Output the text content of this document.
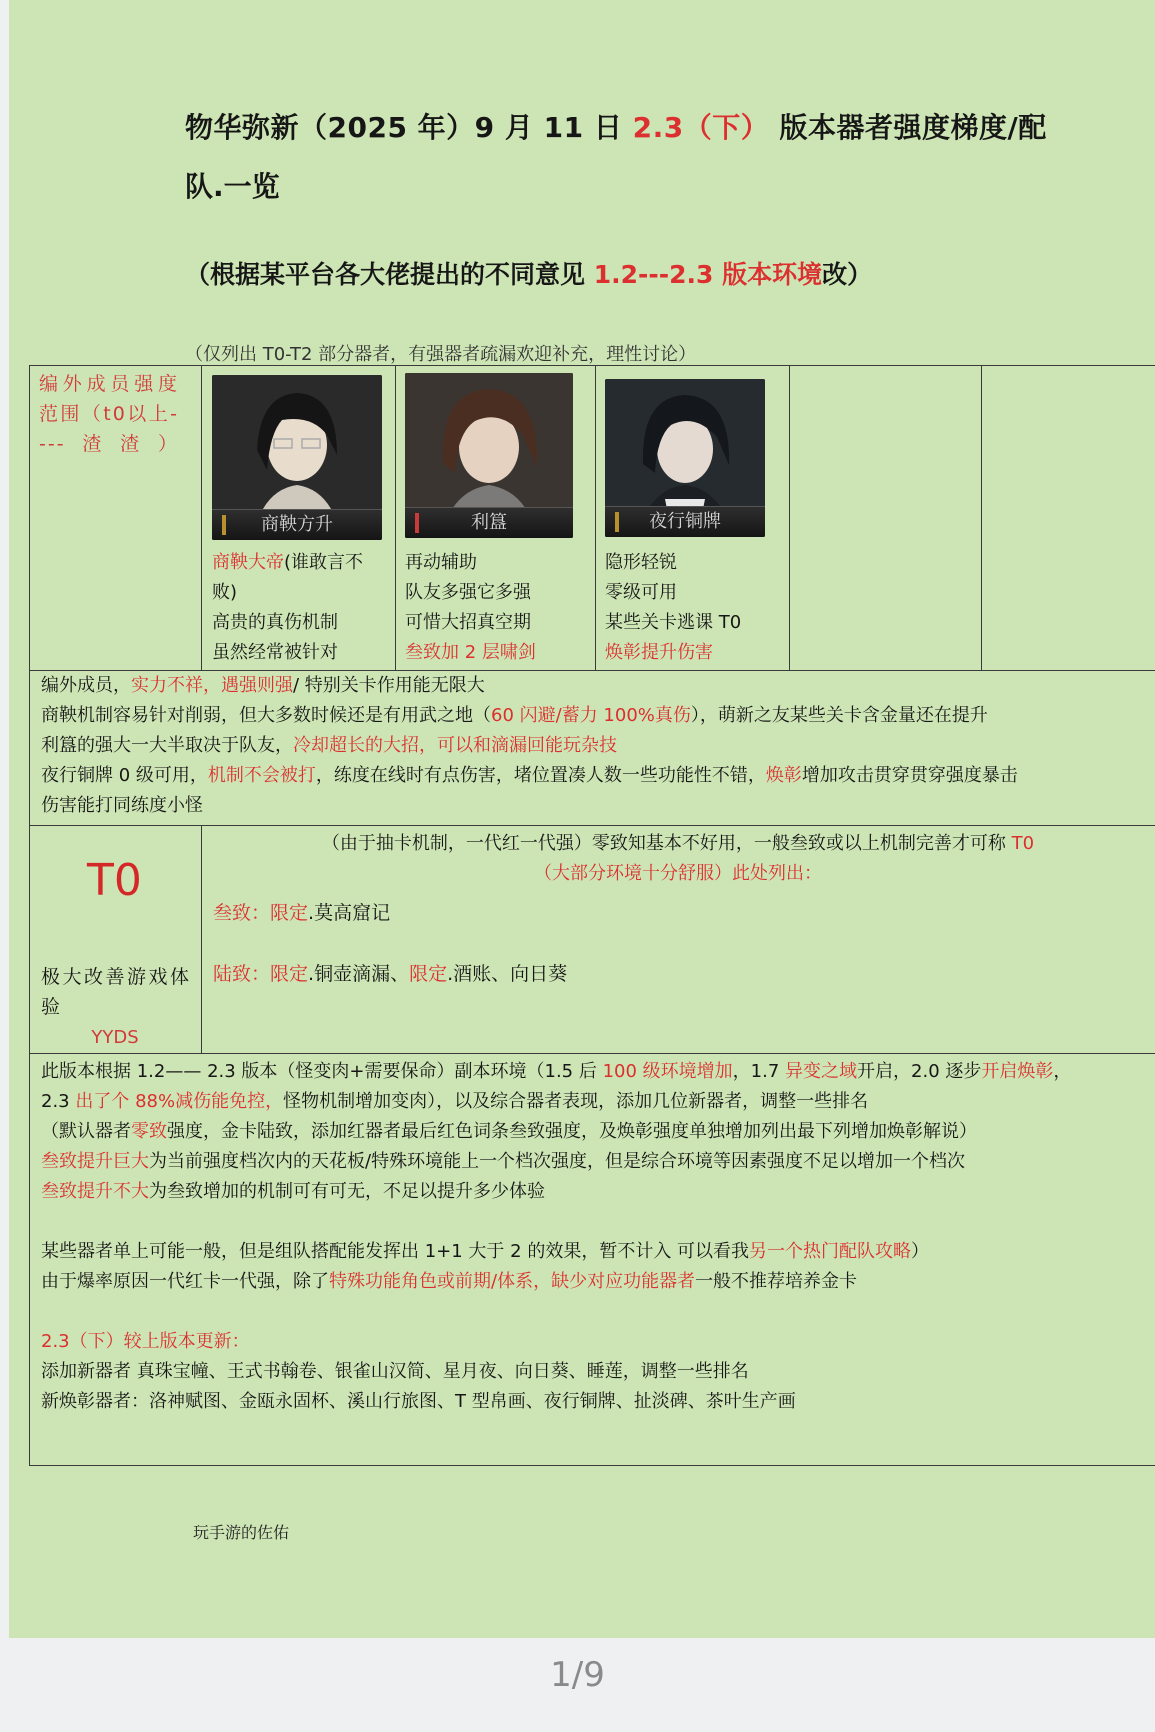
物华弥新（2025 年）9 月 11 日 2.3（下） 版本器者强度梯度/配
队.一览
（根据某平台各大佬提出的不同意见 1.2---2.3 版本环境改）
（仅列出 T0-T2 部分器者，有强器者疏漏欢迎补充，理性讨论）
编外成员强度范围（t0以上----渣渣）
商鞅方升
商鞅大帝(谁敢言不
败)
高贵的真伤机制
虽然经常被针对
利簋
再动辅助
队友多强它多强
可惜大招真空期
叁致加 2 层啸剑
夜行铜牌
隐形轻锐
零级可用
某些关卡逃课 T0
焕彰提升伤害
编外成员，实力不祥，遇强则强/ 特别关卡作用能无限大
商鞅机制容易针对削弱，但大多数时候还是有用武之地（60 闪避/蓄力 100%真伤），萌新之友某些关卡含金量还在提升
利簋的强大一大半取决于队友，冷却超长的大招，可以和滴漏回能玩杂技
夜行铜牌 0 级可用，机制不会被打，练度在线时有点伤害，堵位置凑人数一些功能性不错，焕彰增加攻击贯穿贯穿强度暴击
伤害能打同练度小怪
T0
极大改善游戏体验
YYDS
（由于抽卡机制，一代红一代强）零致知基本不好用，一般叁致或以上机制完善才可称 T0
（大部分环境十分舒服）此处列出：
叁致：限定.莫高窟记
陆致：限定.铜壶滴漏、限定.酒账、向日葵
此版本根据 1.2—— 2.3 版本（怪变肉+需要保命）副本环境（1.5 后 100 级环境增加，1.7 异变之域开启，2.0 逐步开启焕彰，
2.3 出了个 88%减伤能免控，怪物机制增加变肉），以及综合器者表现，添加几位新器者，调整一些排名
（默认器者零致强度，金卡陆致，添加红器者最后红色词条叁致强度，及焕彰强度单独增加列出最下列增加焕彰解说）
叁致提升巨大为当前强度档次内的天花板/特殊环境能上一个档次强度，但是综合环境等因素强度不足以增加一个档次
叁致提升不大为叁致增加的机制可有可无，不足以提升多少体验
某些器者单上可能一般，但是组队搭配能发挥出 1+1 大于 2 的效果，暂不计入 可以看我另一个热门配队攻略）
由于爆率原因一代红卡一代强，除了特殊功能角色或前期/体系，缺少对应功能器者一般不推荐培养金卡
2.3（下）较上版本更新：
添加新器者 真珠宝幢、王式书翰卷、银雀山汉简、星月夜、向日葵、睡莲，调整一些排名
新焕彰器者：洛神赋图、金瓯永固杯、溪山行旅图、T 型帛画、夜行铜牌、扯淡碑、茶叶生产画
玩手游的佐佑
1/9
